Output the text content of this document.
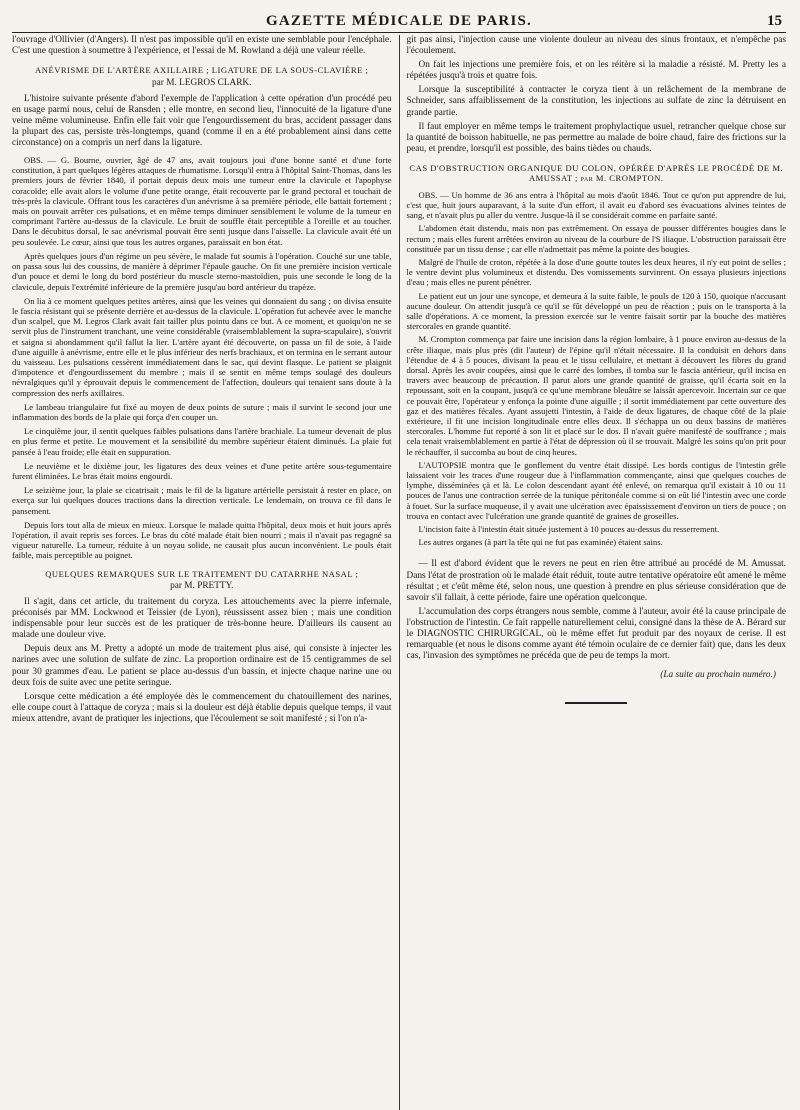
GAZETTE MÉDICALE DE PARIS.	15

l'ouvrage d'Ollivier (d'Angers). Il n'est pas impossible qu'il en existe une semblable pour l'encéphale. C'est une question à soumettre à l'expérience, et l'essai de M. Rowland a déjà une valeur réelle.

ANÉVRISME DE L'ARTÈRE AXILLAIRE ; LIGATURE DE LA SOUS-CLAVIÈRE ;
par M. LEGROS CLARK.

L'histoire suivante présente d'abord l'exemple de l'application à cette opération d'un procédé peu en usage parmi nous, celui de Ransden ; elle montre, en second lieu, l'innocuité de la ligature d'une veine même volumineuse. Enfin elle fait voir que l'engourdissement du bras, accident passager dans la plupart des cas, persiste très-longtemps, quand (comme il en a été probablement ainsi dans cette circonstance) on a compris un nerf dans la ligature.

OBS. — G. Bourne, ouvrier, âgé de 47 ans, avait toujours joui d'une bonne santé et d'une forte constitution, à part quelques légères attaques de rhumatisme. Lorsqu'il entra à l'hôpital Saint-Thomas, dans les premiers jours de février 1840, il portait depuis deux mois une tumeur entre la clavicule et l'apophyse coracoïde; elle avait alors le volume d'une petite orange, était recouverte par le grand pectoral et touchait de très-près la clavicule. Offrant tous les caractères d'un anévrisme à sa première période, elle battait fortement ; mais on pouvait arrêter ces pulsations, et en même temps diminuer sensiblement le volume de la tumeur en comprimant l'artère au-dessus de la clavicule. Le bruit de souffle était perceptible à l'oreille et au toucher. Dans le décubitus dorsal, le sac anévrismal pouvait être senti jusque dans l'aisselle. La clavicule avait été un peu soulevée. Le cœur, ainsi que tous les autres organes, paraissait en bon état.

Après quelques jours d'un régime un peu sévère, le malade fut soumis à l'opération. Couché sur une table, on passa sous lui des coussins, de manière à déprimer l'épaule gauche. On fit une première incision verticale d'un pouce et demi le long du bord postérieur du muscle sterno-mastoïdien, puis une seconde le long de la clavicule, depuis l'extrémité inférieure de la première jusqu'au bord antérieur du trapèze.

On lia à ce moment quelques petites artères, ainsi que les veines qui donnaient du sang ; on divisa ensuite le fascia résistant qui se présente derrière et au-dessus de la clavicule. L'opération fut achevée avec le manche d'un scalpel, que M. Legros Clark avait fait tailler plus pointu dans ce but. A ce moment, et quoiqu'on ne se servit plus de l'instrument tranchant, une veine considérable (vraisemblablement la supra-scapulaire), s'ouvrit et saigna si abondamment qu'il fallut la lier. L'artère ayant été découverte, on passa un fil de soie, à l'aide d'une aiguille à anévrisme, entre elle et le plus inférieur des nerfs brachiaux, et on termina en le serrant autour du vaisseau. Les pulsations cessèrent immédiatement dans le sac, qui devint flasque. Le patient se plaignit d'impotence et d'engourdissement du membre ; mais il se sentit en même temps soulagé des douleurs névralgiques qu'il y éprouvait depuis le commencement de l'affection, douleurs qui tenaient sans doute à la compression des nerfs axillaires.

Le lambeau triangulaire fut fixé au moyen de deux points de suture ; mais il survint le second jour une inflammation des bords de la plaie qui força d'en couper un.

Le cinquième jour, il sentit quelques faibles pulsations dans l'artère brachiale. La tumeur devenait de plus en plus ferme et petite. Le mouvement et la sensibilité du membre supérieur étaient diminués. La plaie fut pansée à l'eau froide; elle était en suppuration.

Le neuvième et le dixième jour, les ligatures des deux veines et d'une petite artère sous-tegumentaire furent éliminées. Le bras était moins engourdi.

Le seizième jour, la plaie se cicatrisait ; mais le fil de la ligature artérielle persistait à rester en place, on exerça sur lui quelques douces tractions dans la direction verticale. Le lendemain, on trouva ce fil dans le pansement.

Depuis lors tout alla de mieux en mieux. Lorsque le malade quitta l'hôpital, deux mois et huit jours après l'opération, il avait repris ses forces. Le bras du côté malade était bien nourri ; mais il n'avait pas regagné sa vigueur naturelle. La tumeur, réduite à un noyau solide, ne causait plus aucun inconvénient. Le pouls était faible, mais perceptible au poignet.

QUELQUES REMARQUES SUR LE TRAITEMENT DU CATARRHE NASAL ;
par M. PRETTY.

Il s'agit, dans cet article, du traitement du coryza. Les attouchements avec la pierre infernale, préconisés par MM. Lockwood et Teissier (de Lyon), réussissent assez bien ; mais une condition indispensable pour leur succès est de les pratiquer de très-bonne heure. D'ailleurs ils causent au malade une douleur vive.

Depuis deux ans M. Pretty a adopté un mode de traitement plus aisé, qui consiste à injecter les narines avec une solution de sulfate de zinc. La proportion ordinaire est de 15 centigrammes de sel pour 30 grammes d'eau. Le patient se place au-dessus d'un bassin, et injecte chaque narine une ou deux fois de suite avec une petite seringue.

Lorsque cette médication a été employée dès le commencement du chatouillement des narines, elle coupe court à l'attaque de coryza ; mais si la douleur est déjà établie depuis quelque temps, il vaut mieux attendre, avant de pratiquer les injections, que l'écoulement se soit manifesté ; si l'on n'a-

git pas ainsi, l'injection cause une violente douleur au niveau des sinus frontaux, et n'empêche pas l'écoulement.

On fait les injections une première fois, et on les réitère si la maladie a résisté. M. Pretty les a répétées jusqu'à trois et quatre fois.

Lorsque la susceptibilité à contracter le coryza tient à un relâchement de la membrane de Schneider, sans affaiblissement de la constitution, les injections au sulfate de zinc la détruisent en grande partie.

Il faut employer en même temps le traitement prophylactique usuel, retrancher quelque chose sur la quantité de boisson habituelle, ne pas permettre au malade de boire chaud, faire des frictions sur la peau, et prendre, lorsqu'il est possible, des bains tièdes ou chauds.

CAS D'OBSTRUCTION ORGANIQUE DU COLON, OPÉRÉE D'APRÈS LE PROCÉDÉ DE M. AMUSSAT ; par M. CROMPTON.

OBS. — Un homme de 36 ans entra à l'hôpital au mois d'août 1846. Tout ce qu'on put apprendre de lui, c'est que, huit jours auparavant, à la suite d'un effort, il avait eu d'abord ses évacuations alvines teintes de sang, et n'avait plus pu aller du ventre. Jusque-là il se considérait comme en parfaite santé.

L'abdomen était distendu, mais non pas extrêmement. On essaya de pousser différentes bougies dans le rectum ; mais elles furent arrêtées environ au niveau de la courbure de l'S iliaque. L'obstruction paraissait être constituée par un tissu dense ; car elle n'admettait pas même la pointe des bougies.

Malgré de l'huile de croton, répétée à la dose d'une goutte toutes les deux heures, il n'y eut point de selles ; le ventre devint plus volumineux et distendu. Des vomissements survinrent. On essaya plusieurs injections d'eau ; mais elles ne purent pénétrer.

Le patient eut un jour une syncope, et demeura à la suite faible, le pouls de 120 à 150, quoique n'accusant aucune douleur. On attendit jusqu'à ce qu'il se fût développé un peu de réaction ; puis on le transporta à la salle d'opérations. A ce moment, la pression exercée sur le ventre faisait sortir par la bouche des matières stercorales en grande quantité.

M. Crompton commença par faire une incision dans la région lombaire, à 1 pouce environ au-dessus de la crête iliaque, mais plus près (dit l'auteur) de l'épine qu'il n'était nécessaire. Il la conduisit en dehors dans l'étendue de 4 à 5 pouces, divisant la peau et le tissu cellulaire, et mettant à découvert les fibres du grand dorsal. Après les avoir coupées, ainsi que le carré des lombes, il tomba sur le fascia antérieur, qu'il incisa en travers avec beaucoup de précaution. Il parut alors une grande quantité de graisse, qu'il écarta soit en la repoussant, soit en la coupant, jusqu'à ce qu'une membrane bleuâtre se laissât apercevoir. Incertain sur ce que ce pouvait être, l'opérateur y enfonça la pointe d'une aiguille ; il sortit immédiatement par cette ouverture des gaz et des matières fécales. Ayant assujetti l'intestin, à l'aide de deux ligatures, de chaque côté de la plaie extérieure, il fit une incision longitudinale entre elles deux. Il s'échappa un ou deux bassins de matières stercorales. L'homme fut reporté à son lit et placé sur le dos. Il n'avait guère manifesté de souffrance ; mais cela tenait vraisemblablement en partie à l'état de dépression où il se trouvait. Malgré les soins qu'on prit pour le réchauffer, il succomba au bout de cinq heures.

L'AUTOPSIE montra que le gonflement du ventre était dissipé. Les bords contigus de l'intestin grêle laissaient voir les traces d'une rougeur due à l'inflammation commençante, ainsi que quelques couches de lymphe, disséminées çà et là. Le colon descendant ayant été enlevé, on remarqua qu'il existait à 10 ou 11 pouces de l'anus une contraction serrée de la tunique péritonéale comme si on eût lié l'intestin avec une corde à fouet. Sur la surface muqueuse, il y avait une ulcération avec épaississement d'environ un tiers de pouce ; on trouva en contact avec l'ulcération une grande quantité de graines de groseilles.

L'incision faite à l'intestin était située justement à 10 pouces au-dessus du resserrement.

Les autres organes (à part la tête qui ne fut pas examinée) étaient sains.

— Il est d'abord évident que le revers ne peut en rien être attribué au procédé de M. Amussat. Dans l'état de prostration où le malade était réduit, toute autre tentative opératoire eût amené le même résultat ; et c'eût même été, selon nous, une question à prendre en plus sérieuse considération que de savoir s'il fallait, à cette période, faire une opération quelconque.

L'accumulation des corps étrangers nous semble, comme à l'auteur, avoir été la cause principale de l'obstruction de l'intestin. Ce fait rappelle naturellement celui, consigné dans la thèse de A. Bérard sur le DIAGNOSTIC CHIRURGICAL, où le même effet fut produit par des noyaux de cerise. Il est remarquable (et nous le disons comme ayant été témoin oculaire de ce dernier fait) que, dans les deux cas, l'invasion des symptômes ne précéda que de peu de temps la mort.

(La suite au prochain numéro.)
